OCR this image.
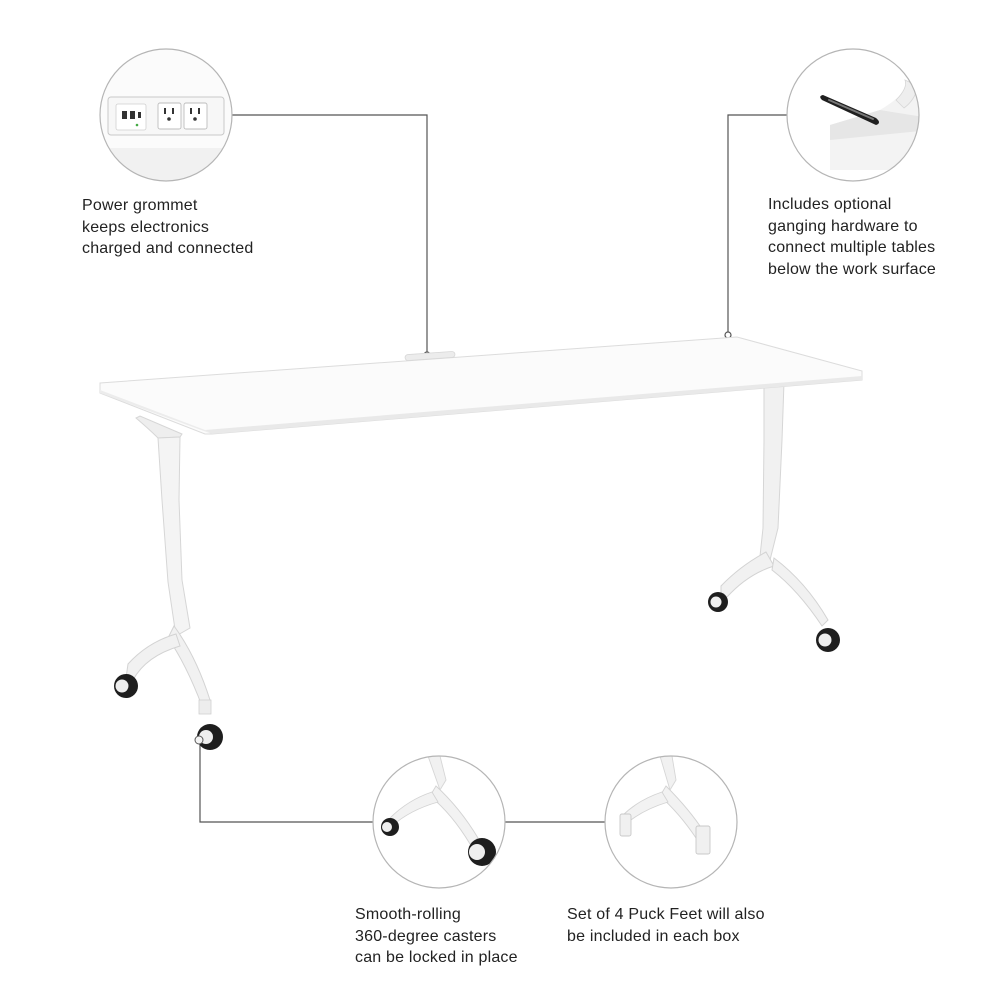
Power grommet
keeps electronics
charged and connected
Includes optional
ganging hardware to
connect multiple tables
below the work surface
Smooth-rolling
360-degree casters
can be locked in place
Set of 4 Puck Feet will also
be included in each box
